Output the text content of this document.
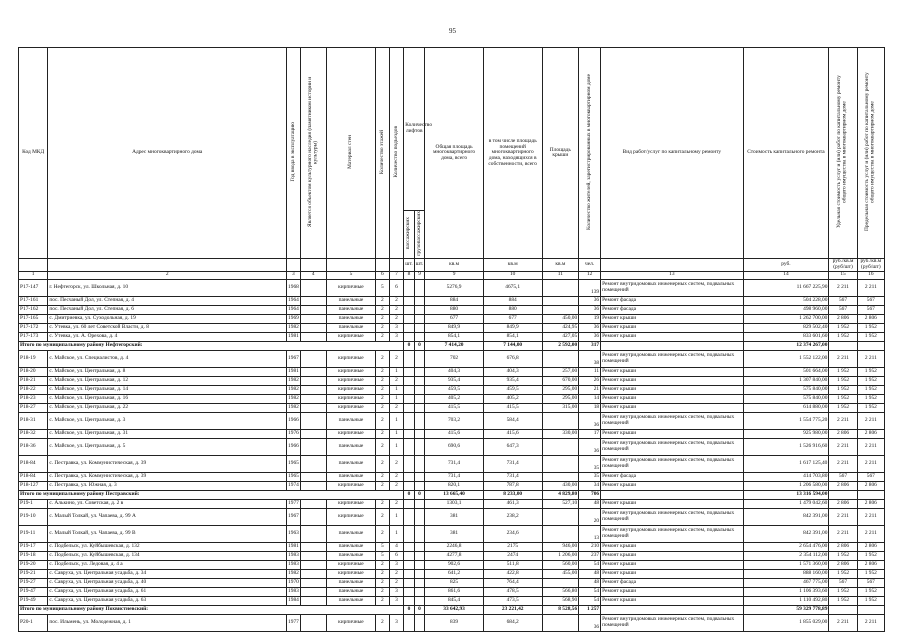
95
Код МКД	Адрес многоквартирного дома	Год ввода в эксплуатацию	Является объектом культурного наследия (памятником истории и культуры)	Материал стен	Количество этажей	Количество подъездов	Количество лифтов		Общая площадь многоквартирного дома, всего	в том числе площадь помещений многоквартирного дома, находящихся в собственности, всего	Площадь крыши	Количество жителей, зарегистрированных в многоквартирном доме	Вид работ/услуг по капитальному ремонту	Стоимость капитального ремонта	Удельная стоимость услуг и (или) работ по капитальному ремонту общего имущества в многоквартирном доме	Предельная стоимость услуг и (или) работ по капитальному ремонту общего имущества в многоквартирном доме
							пассажирских	грузопассажирских								
							шт.	шт.	кв.м	кв.м	кв.м	чел.		руб.	руб./кв.м (руб/шт)	руб./кв.м (руб/шт)
1	2	3	4	5	6	7	8	9	9	10	11	12	13	14	15	16
P17-147	г. Нефтегорск, ул. Школьная, д. 10	1968		кирпичные	5	6			5276,9	4675,1		139	Ремонт внутридомовых инженерных систем, подвальных помещений	11 667 225,90	2 211	2 211
P17-161	пос. Песчаный Дол, ул. Степная, д. 4	1964		панельные	2	2			884	884		36	Ремонт фасада	504 228,00	567	567
P17-162	пос. Песчаный Дол, ул. Степная, д. 6	1964		панельные	2	2			880	880		36	Ремонт фасада	498 960,00	567	567
P17-165	с. Дмитриевка, ул. Суходольная, д. 19	1969		панельные	2	2			677	677	450,00	19	Ремонт крыши	1 262 700,00	2 806	2 806
P17-172	с. Утевка, ул. 60 лет Советской Власти, д. 8	1982		панельные	2	3			849,9	849,9	424,95	36	Ремонт крыши	829 502,40	1 952	1 952
P17-173	с. Утевка, ул. А. Орехова, д. 4	1981		кирпичные	2	3			854,1	854,1	427,05	36	Ремонт крыши	833 601,60	1 952	1 952
Итого по муниципальному району Нефтегорский:							0	0	7 414,20	7 144,00	2 592,00	317		12 374 267,00		
P18-19	с. Майское, ул. Специалистов, д. 4	1967		кирпичные	2	2			702	676,8		38	Ремонт внутридомовых инженерных систем, подвальных помещений	1 552 122,00	2 211	2 211
P18-20	с. Майское, ул. Центральная, д. 8	1981		кирпичные	2	1			404,3	404,3	257,00	11	Ремонт крыши	501 664,00	1 952	1 952
P18-21	с. Майское, ул. Центральная, д. 12	1982		кирпичные	2	2			935,4	935,4	670,00	26	Ремонт крыши	1 307 840,00	1 952	1 952
P18-22	с. Майское, ул. Центральная, д. 14	1982		кирпичные	2	1			459,5	459,5	295,00	21	Ремонт крыши	575 840,00	1 952	1 952
P18-23	с. Майское, ул. Центральная, д. 16	1982		кирпичные	2	1			405,2	405,2	295,00	14	Ремонт крыши	575 840,00	1 952	1 952
P18-27	с. Майское, ул. Центральная, д. 22	1982		кирпичные	2	2			415,5	415,5	315,00	18	Ремонт крыши	614 880,00	1 952	1 952
P18-31	с. Майское, ул. Центральная, д. 3	1966		панельные	2	1			703,2	584,4		36	Ремонт внутридомовых инженерных систем, подвальных помещений	1 554 775,20	2 211	2 211
P18-32	с. Майское, ул. Центральная, д. 31	1976		кирпичные	2	1			415,6	415,6	330,00	17	Ремонт крыши	925 980,00	2 806	2 806
P18-36	с. Майское, ул. Центральная, д. 5	1966		панельные	2	1			690,6	647,3		36	Ремонт внутридомовых инженерных систем, подвальных помещений	1 526 916,60	2 211	2 211
P18-84	с. Пестравка, ул. Коммунистическая, д. 39	1965		панельные	2	2			731,4	731,4		35	Ремонт внутридомовых инженерных систем, подвальных помещений	1 617 125,40	2 211	2 211
P18-84	с. Пестравка, ул. Коммунистическая, д. 39	1965		панельные	2	2			731,4	731,4		35	Ремонт фасада	414 703,80	567	567
P18-127	с. Пестравка, ул. Южная, д. 3	1974		кирпичные	2	2			820,1	787,8	430,00	34	Ремонт крыши	1 206 580,00	2 806	2 806
Итого по муниципальному району Пестравский:							0	0	13 665,40	8 233,00	4 829,80	706		13 316 594,00		
P19-1	с. Алькино, ул. Советская, д. 2 в	1977		кирпичные	2	2			1303,1	461,3	527,10	48	Ремонт крыши	1 479 042,60	2 806	2 806
P19-10	с. Малый Толкай, ул. Чапаева, д. 99 А	1967		кирпичные	2	1			381	238,2		20	Ремонт внутридомовых инженерных систем, подвальных помещений	842 391,00	2 211	2 211
P19-11	с. Малый Толкай, ул. Чапаева, д. 99 В	1963		панельные	2	1			381	234,6		13	Ремонт внутридомовых инженерных систем, подвальных помещений	842 391,00	2 211	2 211
P19-17	с. Подбельск, ул. Куйбышевская, д. 132	1981		панельные	5	4			2246,8	2175	946,00	210	Ремонт крыши	2 654 476,00	2 806	2 806
P19-18	с. Подбельск, ул. Куйбышевская, д. 134	1983		панельные	5	6			4277,8	2474	1 206,00	237	Ремонт крыши	2 354 112,00	1 952	1 952
P19-20	с. Подбельск, ул. Ледовая, д. 4 а	1983		кирпичные	2	3			902,6	511,8	560,00	54	Ремонт крыши	1 571 360,00	2 806	2 806
P19-21	с. Савруха, ул. Центральная усадьба, д. 34	1982		кирпичные	2	2			641,2	422,8	455,00	48	Ремонт крыши	888 160,00	1 952	1 952
P19-27	с. Савруха, ул. Центральная усадьба, д. 40	1970		панельные	2	2			825	764,4		48	Ремонт фасада	467 775,00	567	567
P19-47	с. Савруха, ул. Центральная усадьба, д. 61	1983		панельные	2	3			861,6	478,5	566,80	54	Ремонт крыши	1 106 393,60	1 952	1 952
P19-49	с. Савруха, ул. Центральная усадьба, д. 63	1984		панельные	2	3			845,4	473,5	568,90	54	Ремонт крыши	1 110 492,80	1 952	1 952
Итого по муниципальному району Похвистневский:							0	0	33 642,93	23 221,42	8 528,56	1 257		59 329 778,89		
P20-1	пос. Ильмень, ул. Молодежная, д. 1	1977		кирпичные	2	3			839	684,2		36	Ремонт внутридомовых инженерных систем, подвальных помещений	1 855 029,00	2 211	2 211
